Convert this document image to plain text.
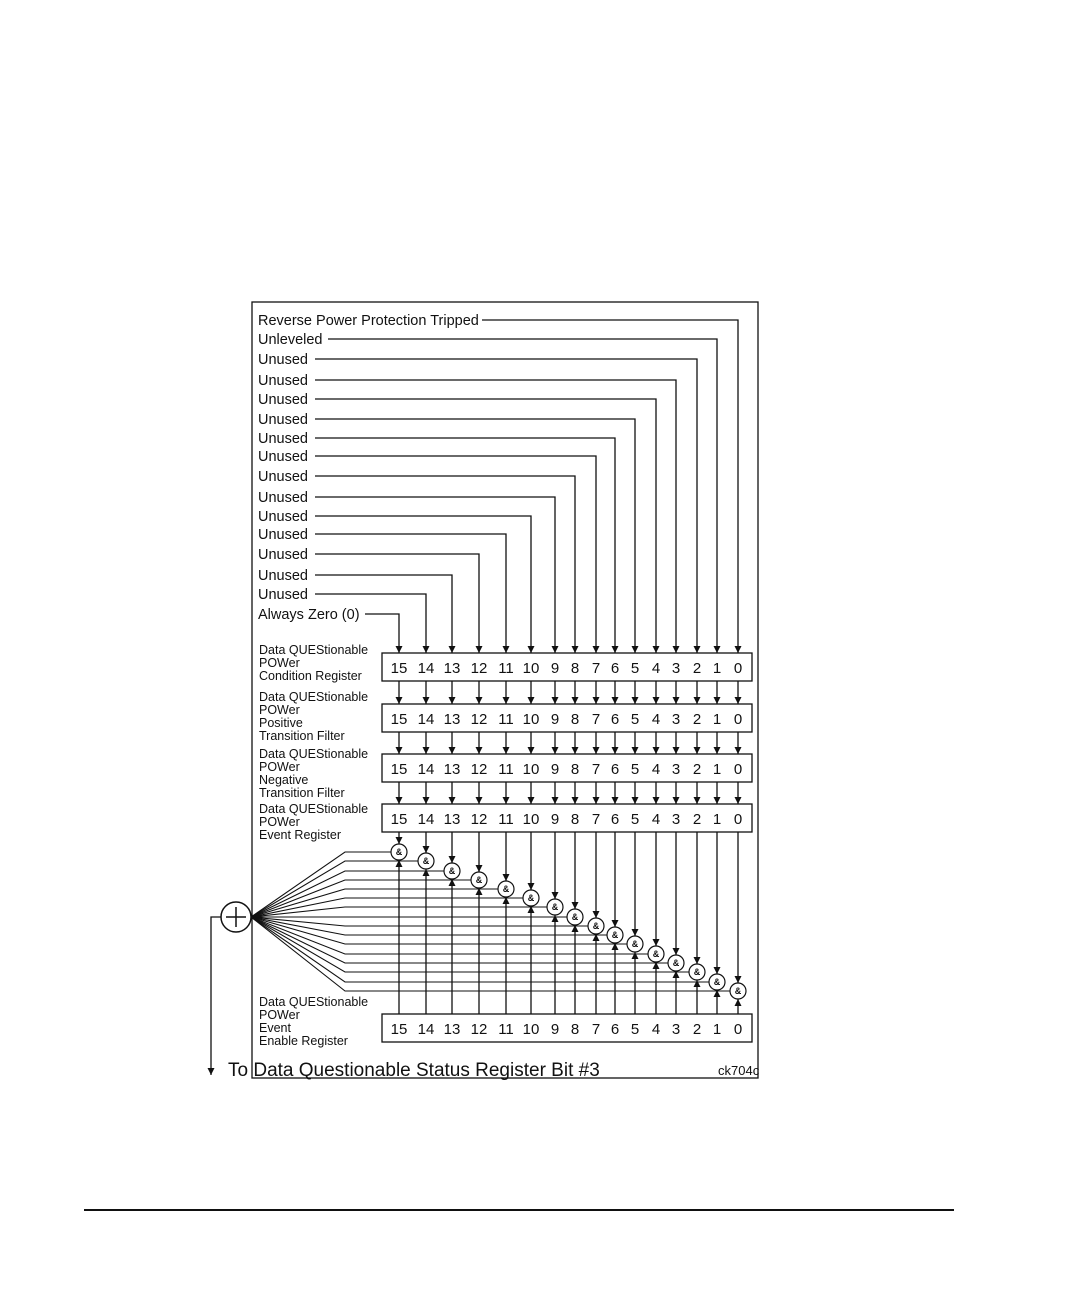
Reverse Power Protection Tripped
Unleveled
Unused
Unused
Unused
Unused
Unused
Unused
Unused
Unused
Unused
Unused
Unused
Unused
Unused
Always Zero (0)
Data QUEStionable
POWer
Condition Register 15 14 13 12 11 10 9 8 7 6 5 4 3 2 1 0
Data QUEStionable
POWer
Positive
Transition Filter
15 14 13 12 11 10 9 8 7 6 5 4 3 2 1 0
Data QUEStionable
POWer
Negative
Transition Filter
15 14 13 12 11 10 9 8 7 6 5 4 3 2 1 0
Data QUEStionable
POWer
Event Register
15 14 13 12 11 10 9 8 7 6 5 4 3 2 1 0
Data QUEStionable
POWer
Event
Enable Register
15 14 13 12 11 10 9 8 7 6 5 4 3 2 1 0
&
&
&
&
&
&
&
&
&
&
&
&
&
&
&
&
To Data Questionable Status Register Bit #3	ck704c
